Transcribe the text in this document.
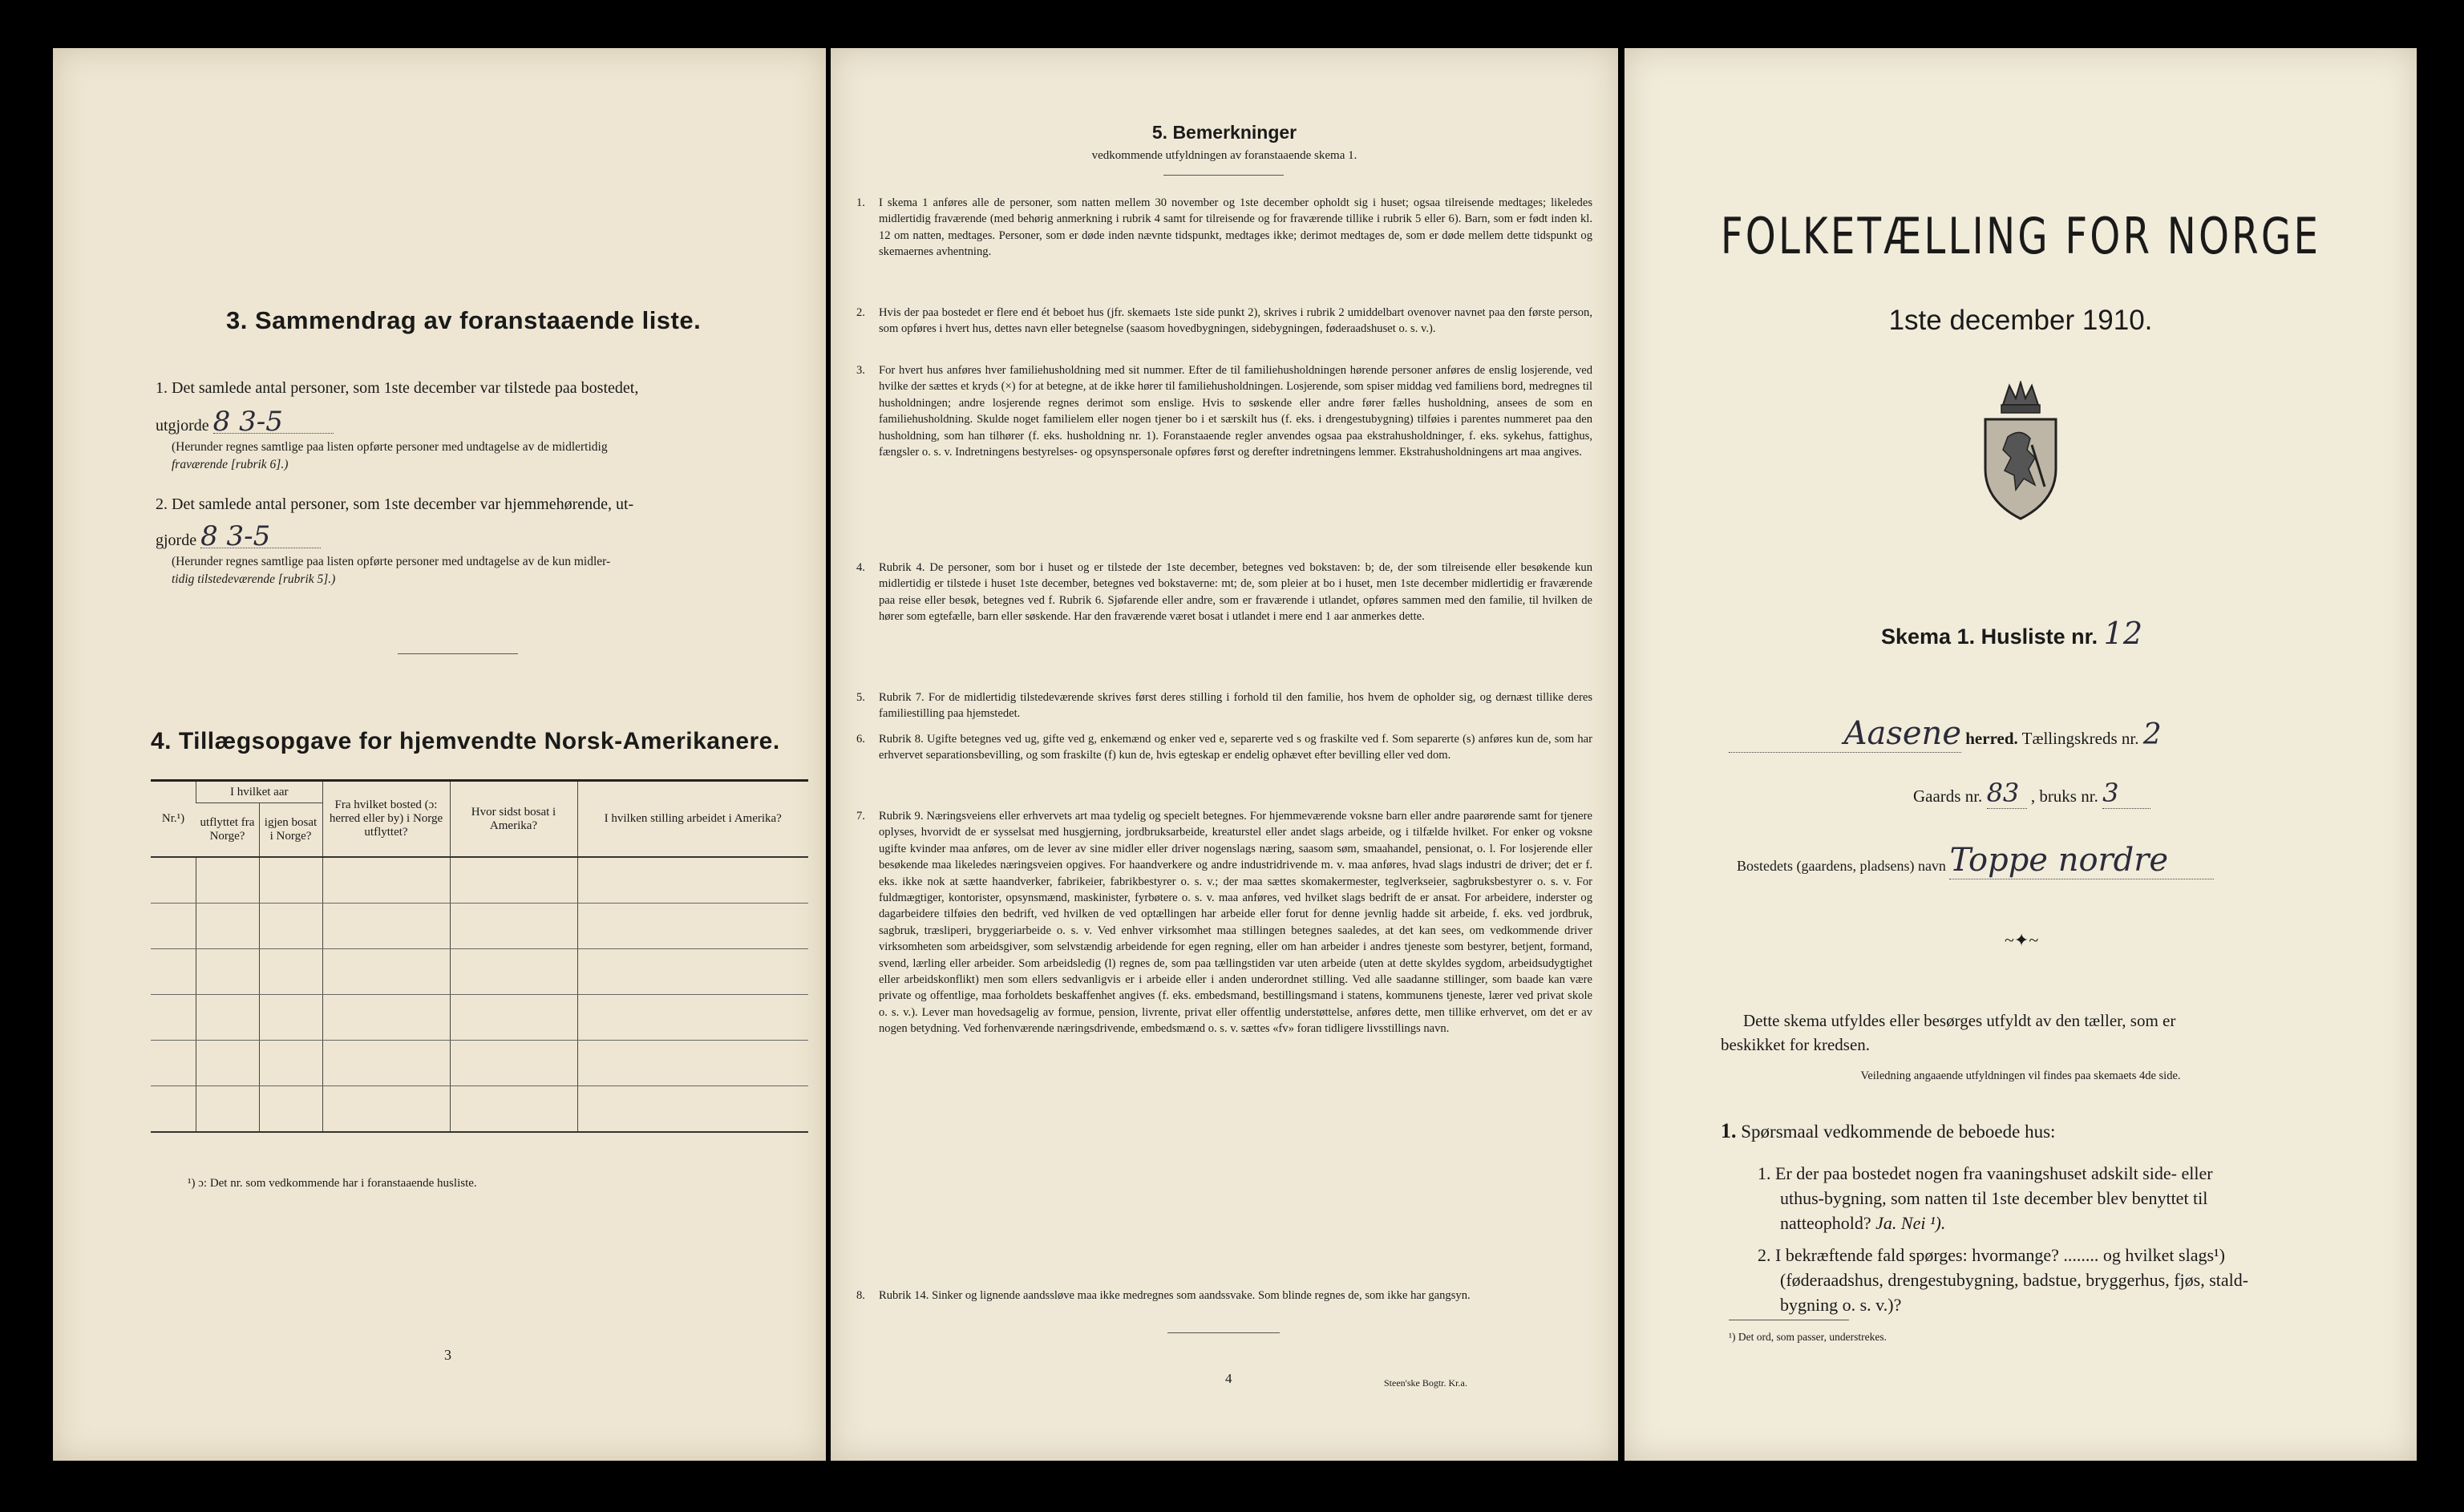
3. Sammendrag av foranstaaende liste.
1. Det samlede antal personer, som 1ste december var tilstede paa bostedet,
utgjorde 8 3-5
(Herunder regnes samtlige paa listen opførte personer med undtagelse av de midlertidig
fraværende [rubrik 6].)
2. Det samlede antal personer, som 1ste december var hjemmehørende, ut-
gjorde 8 3-5
(Herunder regnes samtlige paa listen opførte personer med undtagelse av de kun midler-
tidig tilstedeværende [rubrik 5].)
4. Tillægsopgave for hjemvendte Norsk-Amerikanere.
Nr.¹)	I hvilket aar		Fra hvilket bosted (ɔ: herred eller by) i Norge utflyttet?	Hvor sidst bosat i Amerika?	I hvilken stilling arbeidet i Amerika?
	utflyttet fra Norge?	igjen bosat i Norge?			

¹) ɔ: Det nr. som vedkommende har i foranstaaende husliste.
3
5. Bemerkninger
vedkommende utfyldningen av foranstaaende skema 1.
1.	I skema 1 anføres alle de personer, som natten mellem 30 november og 1ste december opholdt sig i huset; ogsaa tilreisende medtages; likeledes midlertidig fraværende (med behørig anmerkning i rubrik 4 samt for tilreisende og for fraværende tillike i rubrik 5 eller 6). Barn, som er født inden kl. 12 om natten, medtages. Personer, som er døde inden nævnte tidspunkt, medtages ikke; derimot medtages de, som er døde mellem dette tidspunkt og skemaernes avhentning.

2.	Hvis der paa bostedet er flere end ét beboet hus (jfr. skemaets 1ste side punkt 2), skrives i rubrik 2 umiddelbart ovenover navnet paa den første person, som opføres i hvert hus, dettes navn eller betegnelse (saasom hovedbygningen, sidebygningen, føderaadshuset o. s. v.).

3.	For hvert hus anføres hver familiehusholdning med sit nummer. Efter de til familiehusholdningen hørende personer anføres de enslig losjerende, ved hvilke der sættes et kryds (×) for at betegne, at de ikke hører til familiehusholdningen. Losjerende, som spiser middag ved familiens bord, medregnes til husholdningen; andre losjerende regnes derimot som enslige. Hvis to søskende eller andre fører fælles husholdning, ansees de som en familiehusholdning. Skulde noget familielem eller nogen tjener bo i et særskilt hus (f. eks. i drengestubygning) tilføies i parentes nummeret paa den husholdning, som han tilhører (f. eks. husholdning nr. 1). Foranstaaende regler anvendes ogsaa paa ekstrahusholdninger, f. eks. sykehus, fattighus, fængsler o. s. v. Indretningens bestyrelses- og opsynspersonale opføres først og derefter indretningens lemmer. Ekstrahusholdningens art maa angives.

4.	Rubrik 4. De personer, som bor i huset og er tilstede der 1ste december, betegnes ved bokstaven: b; de, der som tilreisende eller besøkende kun midlertidig er tilstede i huset 1ste december, betegnes ved bokstaverne: mt; de, som pleier at bo i huset, men 1ste december midlertidig er fraværende paa reise eller besøk, betegnes ved f. Rubrik 6. Sjøfarende eller andre, som er fraværende i utlandet, opføres sammen med den familie, til hvilken de hører som egtefælle, barn eller søskende. Har den fraværende været bosat i utlandet i mere end 1 aar anmerkes dette.

5.	Rubrik 7. For de midlertidig tilstedeværende skrives først deres stilling i forhold til den familie, hos hvem de opholder sig, og dernæst tillike deres familiestilling paa hjemstedet.

6.	Rubrik 8. Ugifte betegnes ved ug, gifte ved g, enkemænd og enker ved e, separerte ved s og fraskilte ved f. Som separerte (s) anføres kun de, som har erhvervet separationsbevilling, og som fraskilte (f) kun de, hvis egteskap er endelig ophævet efter bevilling eller ved dom.

7.	Rubrik 9. Næringsveiens eller erhvervets art maa tydelig og specielt betegnes. For hjemmeværende voksne barn eller andre paarørende samt for tjenere oplyses, hvorvidt de er sysselsat med husgjerning, jordbruksarbeide, kreaturstel eller andet slags arbeide, og i tilfælde hvilket. For enker og voksne ugifte kvinder maa anføres, om de lever av sine midler eller driver nogenslags næring, saasom søm, smaahandel, pensionat, o. l. For losjerende eller besøkende maa likeledes næringsveien opgives. For haandverkere og andre industridrivende m. v. maa anføres, hvad slags industri de driver; det er f. eks. ikke nok at sætte haandverker, fabrikeier, fabrikbestyrer o. s. v.; der maa sættes skomakermester, teglverkseier, sagbruksbestyrer o. s. v. For fuldmægtiger, kontorister, opsynsmænd, maskinister, fyrbøtere o. s. v. maa anføres, ved hvilket slags bedrift de er ansat. For arbeidere, inderster og dagarbeidere tilføies den bedrift, ved hvilken de ved optællingen har arbeide eller forut for denne jevnlig hadde sit arbeide, f. eks. ved jordbruk, sagbruk, træsliperi, bryggeriarbeide o. s. v. Ved enhver virksomhet maa stillingen betegnes saaledes, at det kan sees, om vedkommende driver virksomheten som arbeidsgiver, som selvstændig arbeidende for egen regning, eller om han arbeider i andres tjeneste som bestyrer, betjent, formand, svend, lærling eller arbeider. Som arbeidsledig (l) regnes de, som paa tællingstiden var uten arbeide (uten at dette skyldes sygdom, arbeidsudygtighet eller arbeidskonflikt) men som ellers sedvanligvis er i arbeide eller i anden underordnet stilling. Ved alle saadanne stillinger, som baade kan være private og offentlige, maa forholdets beskaffenhet angives (f. eks. embedsmand, bestillingsmand i statens, kommunens tjeneste, lærer ved privat skole o. s. v.). Lever man hovedsagelig av formue, pension, livrente, privat eller offentlig understøttelse, anføres dette, men tillike erhvervet, om det er av nogen betydning. Ved forhenværende næringsdrivende, embedsmænd o. s. v. sættes «fv» foran tidligere livsstillings navn.

8.	Rubrik 14. Sinker og lignende aandssløve maa ikke medregnes som aandssvake. Som blinde regnes de, som ikke har gangsyn.

4	Steen'ske Bogtr. Kr.a.
FOLKETÆLLING FOR NORGE
1ste december 1910.
Skema 1. Husliste nr. 12
Aasene herred. Tællingskreds nr. 2
Gaards nr. 83 , bruks nr. 3
Bostedets (gaardens, pladsens) navn Toppe nordre
~✦~
Dette skema utfyldes eller besørges utfyldt av den tæller, som er
beskikket for kredsen.
Veiledning angaaende utfyldningen vil findes paa skemaets 4de side.
1. Spørsmaal vedkommende de beboede hus:
1. Er der paa bostedet nogen fra vaaningshuset adskilt side- eller
uthus-bygning, som natten til 1ste december blev benyttet til
natteophold? Ja. Nei ¹).
2. I bekræftende fald spørges: hvormange? ........ og hvilket slags¹)
(føderaadshus, drengestubygning, badstue, bryggerhus, fjøs, stald-
bygning o. s. v.)?
¹) Det ord, som passer, understrekes.
